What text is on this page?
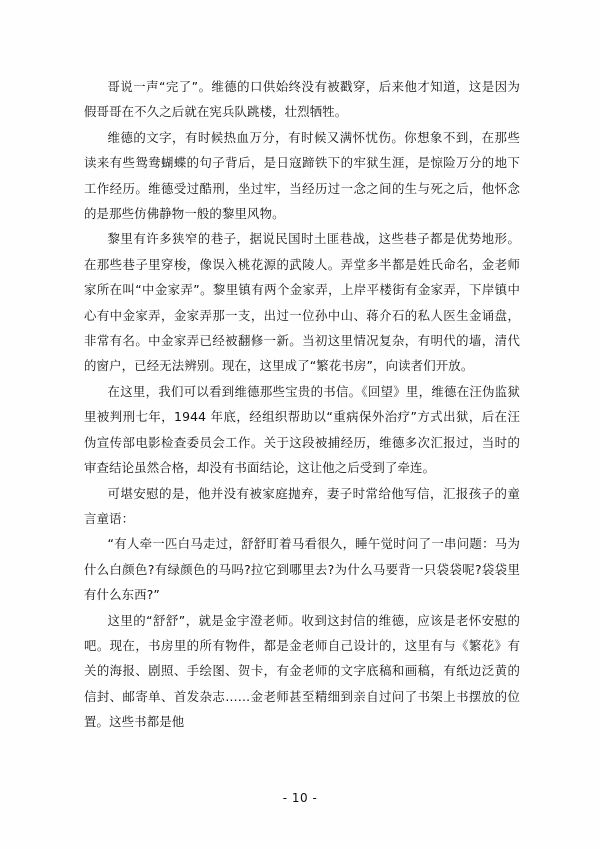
哥说一声“完了”。维德的口供始终没有被戳穿，后来他才知道，这是因为假哥哥在不久之后就在宪兵队跳楼，壮烈牺牲。

维德的文字，有时候热血万分，有时候又满怀忧伤。你想象不到，在那些读来有些鸳鸯蝴蝶的句子背后，是日寇蹄铁下的牢狱生涯，是惊险万分的地下工作经历。维德受过酷刑，坐过牢，当经历过一念之间的生与死之后，他怀念的是那些仿佛静物一般的黎里风物。

黎里有许多狭窄的巷子，据说民国时土匪巷战，这些巷子都是优势地形。在那些巷子里穿梭，像误入桃花源的武陵人。弄堂多半都是姓氏命名，金老师家所在叫“中金家弄”。黎里镇有两个金家弄，上岸平楼街有金家弄，下岸镇中心有中金家弄，金家弄那一支，出过一位孙中山、蒋介石的私人医生金诵盘，非常有名。中金家弄已经被翻修一新。当初这里情况复杂，有明代的墙，清代的窗户，已经无法辨别。现在，这里成了“繁花书房”，向读者们开放。

在这里，我们可以看到维德那些宝贵的书信。《回望》里，维德在汪伪监狱里被判刑七年，1944 年底，经组织帮助以“重病保外治疗”方式出狱，后在汪伪宣传部电影检查委员会工作。关于这段被捕经历，维德多次汇报过，当时的审查结论虽然合格，却没有书面结论，这让他之后受到了牵连。

可堪安慰的是，他并没有被家庭抛弃，妻子时常给他写信，汇报孩子的童言童语：

“有人牵一匹白马走过，舒舒盯着马看很久，睡午觉时问了一串问题：马为什么白颜色?有绿颜色的马吗?拉它到哪里去?为什么马要背一只袋袋呢?袋袋里有什么东西?”

这里的“舒舒”，就是金宇澄老师。收到这封信的维德，应该是老怀安慰的吧。现在，书房里的所有物件，都是金老师自己设计的，这里有与《繁花》有关的海报、剧照、手绘图、贺卡，有金老师的文字底稿和画稿，有纸边泛黄的信封、邮寄单、首发杂志……金老师甚至精细到亲自过问了书架上书摆放的位置。这些书都是他

- 10 -
